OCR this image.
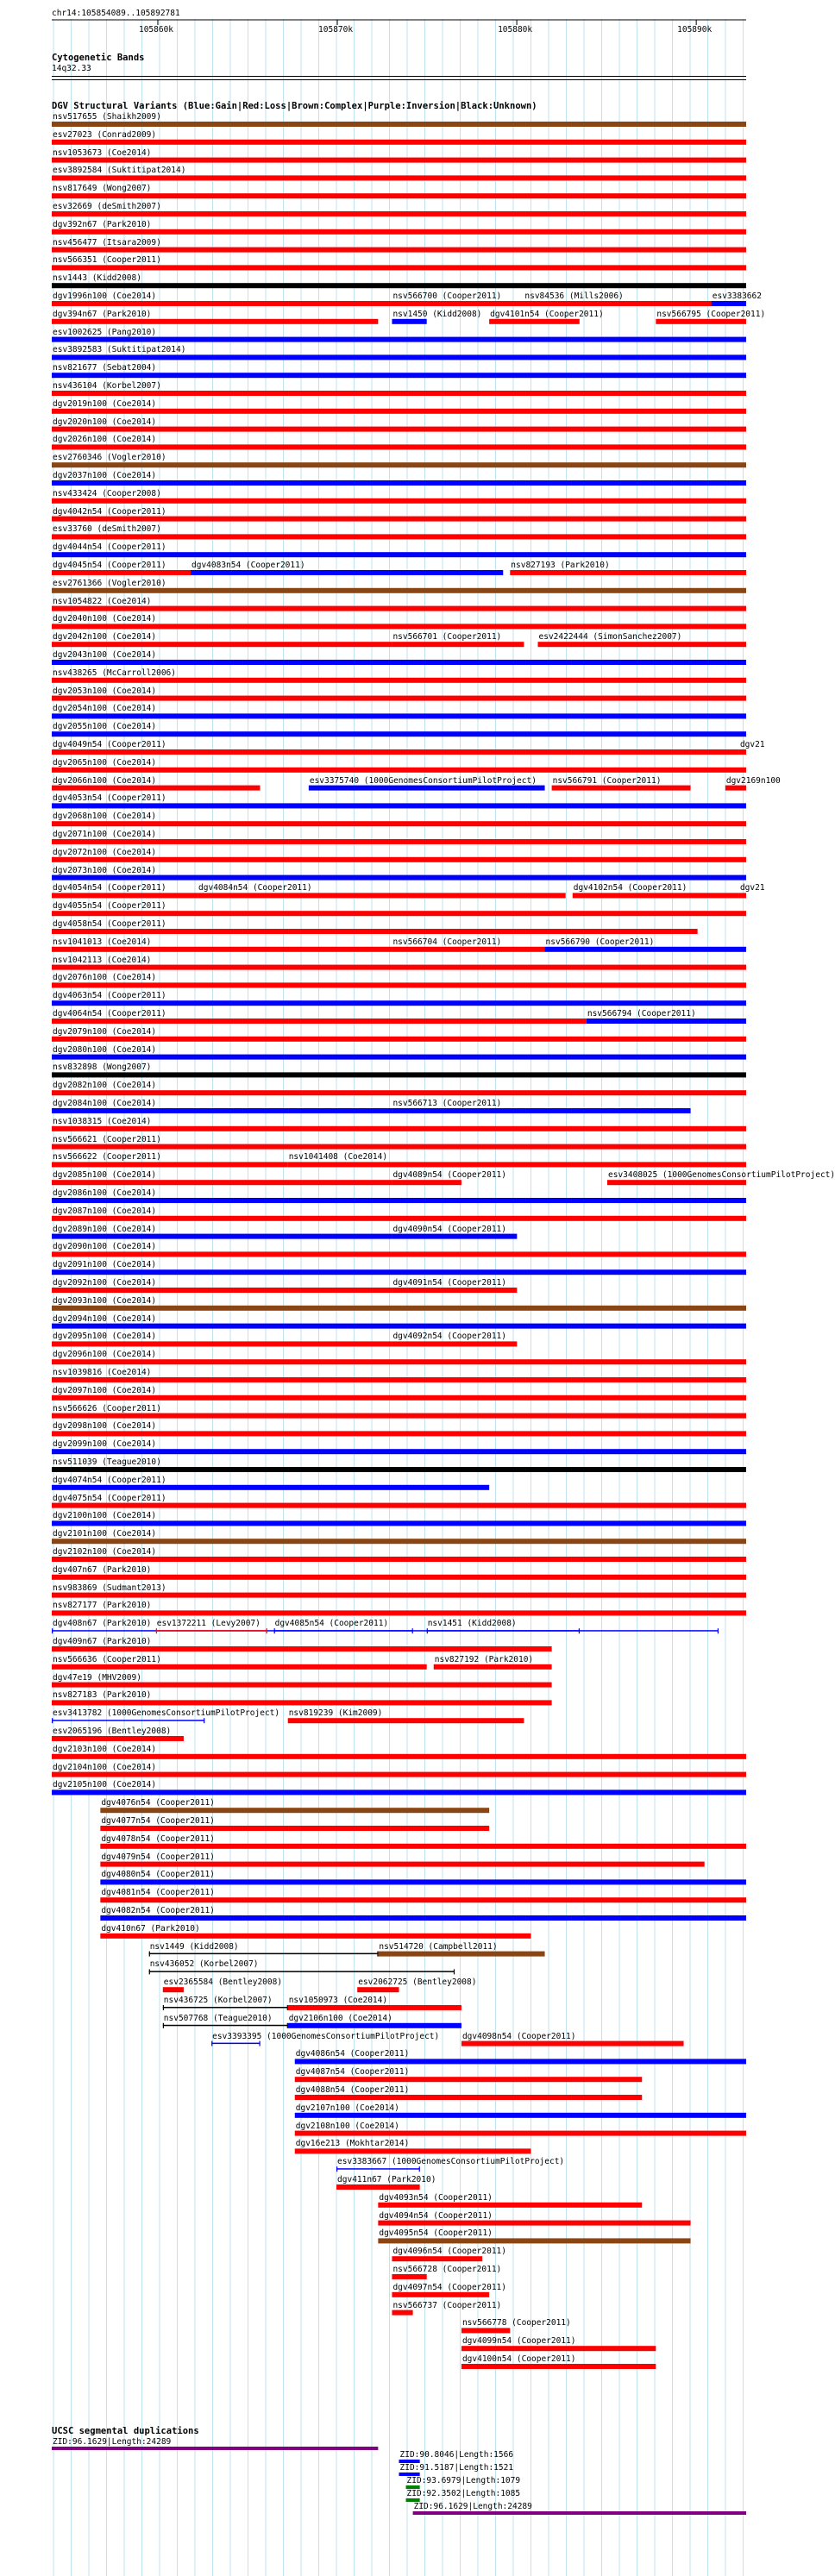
chr14:105854089..105892781
105860k	105870k	105880k	105890k
Cytogenetic Bands
14q32.33
DGV Structural Variants (Blue:Gain|Red:Loss|Brown:Complex|Purple:Inversion|Black:Unknown)
nsv517655 (Shaikh2009)
esv27023 (Conrad2009)
nsv1053673 (Coe2014)
esv3892584 (Suktitipat2014)
nsv817649 (Wong2007)
esv32669 (deSmith2007)
dgv392n67 (Park2010)
nsv456477 (Itsara2009)
nsv566351 (Cooper2011)
nsv1443 (Kidd2008)
dgv1996n100 (Coe2014)	nsv566700 (Cooper2011)	nsv84536 (Mills2006)	esv3383662
dgv394n67 (Park2010)	nsv1450 (Kidd2008) dgv4101n54 (Cooper2011)	nsv566795 (Cooper2011)
esv1002625 (Pang2010)
esv3892583 (Suktitipat2014)
nsv821677 (Sebat2004)
nsv436104 (Korbel2007)
dgv2019n100 (Coe2014)
dgv2020n100 (Coe2014)
dgv2026n100 (Coe2014)
esv2760346 (Vogler2010)
dgv2037n100 (Coe2014)
nsv433424 (Cooper2008)
dgv4042n54 (Cooper2011)
esv33760 (deSmith2007)
dgv4044n54 (Cooper2011)
dgv4045n54 (Cooper2011)	dgv4083n54 (Cooper2011)	nsv827193 (Park2010)
esv2761366 (Vogler2010)
nsv1054822 (Coe2014)
dgv2040n100 (Coe2014)
dgv2042n100 (Coe2014)	nsv566701 (Cooper2011)	esv2422444 (SimonSanchez2007)
dgv2043n100 (Coe2014)
nsv438265 (McCarroll2006)
dgv2053n100 (Coe2014)
dgv2054n100 (Coe2014)
dgv2055n100 (Coe2014)
dgv4049n54 (Cooper2011)	dgv21
dgv2065n100 (Coe2014)
dgv2066n100 (Coe2014)	esv3375740 (1000GenomesConsortiumPilotProject) nsv566791 (Cooper2011)	dgv2169n100
dgv4053n54 (Cooper2011)
dgv2068n100 (Coe2014)
dgv2071n100 (Coe2014)
dgv2072n100 (Coe2014)
dgv2073n100 (Coe2014)
dgv4054n54 (Cooper2011)	dgv4084n54 (Cooper2011)	dgv4102n54 (Cooper2011)	dgv21
dgv4055n54 (Cooper2011)
dgv4058n54 (Cooper2011)
nsv1041013 (Coe2014)	nsv566704 (Cooper2011)	nsv566790 (Cooper2011)
nsv1042113 (Coe2014)
dgv2076n100 (Coe2014)
dgv4063n54 (Cooper2011)
dgv4064n54 (Cooper2011)	nsv566794 (Cooper2011)
dgv2079n100 (Coe2014)
dgv2080n100 (Coe2014)
nsv832898 (Wong2007)
dgv2082n100 (Coe2014)
dgv2084n100 (Coe2014)	nsv566713 (Cooper2011)
nsv1038315 (Coe2014)
nsv566621 (Cooper2011)
nsv566622 (Cooper2011)	nsv1041408 (Coe2014)
dgv2085n100 (Coe2014)	dgv4089n54 (Cooper2011)	esv3408025 (1000GenomesConsortiumPilotProject)
dgv2086n100 (Coe2014)
dgv2087n100 (Coe2014)
dgv2089n100 (Coe2014)	dgv4090n54 (Cooper2011)
dgv2090n100 (Coe2014)
dgv2091n100 (Coe2014)
dgv2092n100 (Coe2014)	dgv4091n54 (Cooper2011)
dgv2093n100 (Coe2014)
dgv2094n100 (Coe2014)
dgv2095n100 (Coe2014)	dgv4092n54 (Cooper2011)
dgv2096n100 (Coe2014)
nsv1039816 (Coe2014)
dgv2097n100 (Coe2014)
nsv566626 (Cooper2011)
dgv2098n100 (Coe2014)
dgv2099n100 (Coe2014)
nsv511039 (Teague2010)
dgv4074n54 (Cooper2011)
dgv4075n54 (Cooper2011)
dgv2100n100 (Coe2014)
dgv2101n100 (Coe2014)
dgv2102n100 (Coe2014)
dgv407n67 (Park2010)
nsv983869 (Sudmant2013)
nsv827177 (Park2010)
dgv408n67 (Park2010) esv1372211 (Levy2007) dgv4085n54 (Cooper2011)	nsv1451 (Kidd2008)
dgv409n67 (Park2010)
nsv566636 (Cooper2011)	nsv827192 (Park2010)
dgv47e19 (MHV2009)
nsv827183 (Park2010)
esv3413782 (1000GenomesConsortiumPilotProject) nsv819239 (Kim2009)
esv2065196 (Bentley2008)
dgv2103n100 (Coe2014)
dgv2104n100 (Coe2014)
dgv2105n100 (Coe2014)
dgv4076n54 (Cooper2011)
dgv4077n54 (Cooper2011)
dgv4078n54 (Cooper2011)
dgv4079n54 (Cooper2011)
dgv4080n54 (Cooper2011)
dgv4081n54 (Cooper2011)
dgv4082n54 (Cooper2011)
dgv410n67 (Park2010)
nsv1449 (Kidd2008)	nsv514720 (Campbell2011)
nsv436052 (Korbel2007)
esv2365584 (Bentley2008)	esv2062725 (Bentley2008)
nsv436725 (Korbel2007) nsv1050973 (Coe2014)
nsv507768 (Teague2010) dgv2106n100 (Coe2014)
esv3393395 (1000GenomesConsortiumPilotProject)	dgv4098n54 (Cooper2011)
dgv4086n54 (Cooper2011)
dgv4087n54 (Cooper2011)
dgv4088n54 (Cooper2011)
dgv2107n100 (Coe2014)
dgv2108n100 (Coe2014)
dgv16e213 (Mokhtar2014)
esv3383667 (1000GenomesConsortiumPilotProject)
dgv411n67 (Park2010)
dgv4093n54 (Cooper2011)
dgv4094n54 (Cooper2011)
dgv4095n54 (Cooper2011)
dgv4096n54 (Cooper2011)
nsv566728 (Cooper2011)
dgv4097n54 (Cooper2011)
nsv566737 (Cooper2011)
nsv566778 (Cooper2011)
dgv4099n54 (Cooper2011)
dgv4100n54 (Cooper2011)
UCSC segmental duplications
ZID:96.1629|Length:24289
ZID:90.8046|Length:1566
ZID:91.5187|Length:1521
ZID:93.6979|Length:1079
ZID:92.3502|Length:1085
ZID:96.1629|Length:24289
